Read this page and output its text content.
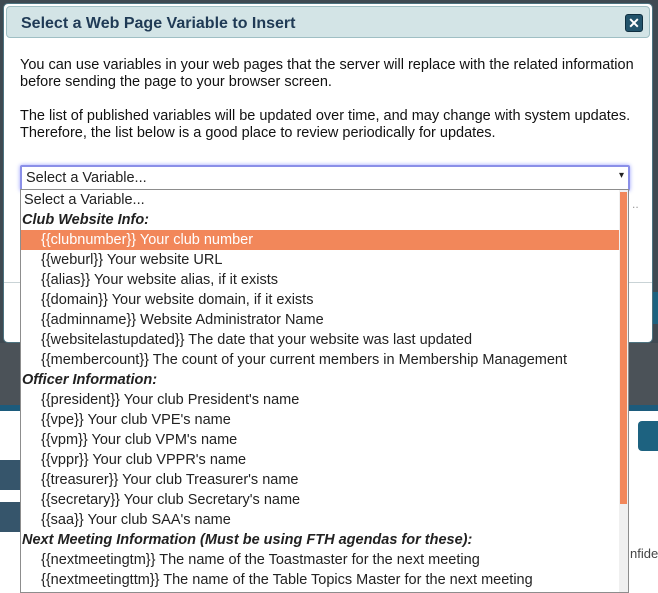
nfide
Select a Web Page Variable to Insert	✕
You can use variables in your web pages that the server will replace with the related information before sending the page to your browser screen.
The list of published variables will be updated over time, and may change with system updates. Therefore, the list below is a good place to review periodically for updates.
Select a Variable...	▾
..
Select a Variable...
Club Website Info:
{{clubnumber}} Your club number
{{weburl}} Your website URL
{{alias}} Your website alias, if it exists
{{domain}} Your website domain, if it exists
{{adminname}} Website Administrator Name
{{websitelastupdated}} The date that your website was last updated
{{membercount}} The count of your current members in Membership Management
Officer Information:
{{president}} Your club President's name
{{vpe}} Your club VPE's name
{{vpm}} Your club VPM's name
{{vppr}} Your club VPPR's name
{{treasurer}} Your club Treasurer's name
{{secretary}} Your club Secretary's name
{{saa}} Your club SAA's name
Next Meeting Information (Must be using FTH agendas for these):
{{nextmeetingtm}} The name of the Toastmaster for the next meeting
{{nextmeetingttm}} The name of the Table Topics Master for the next meeting
